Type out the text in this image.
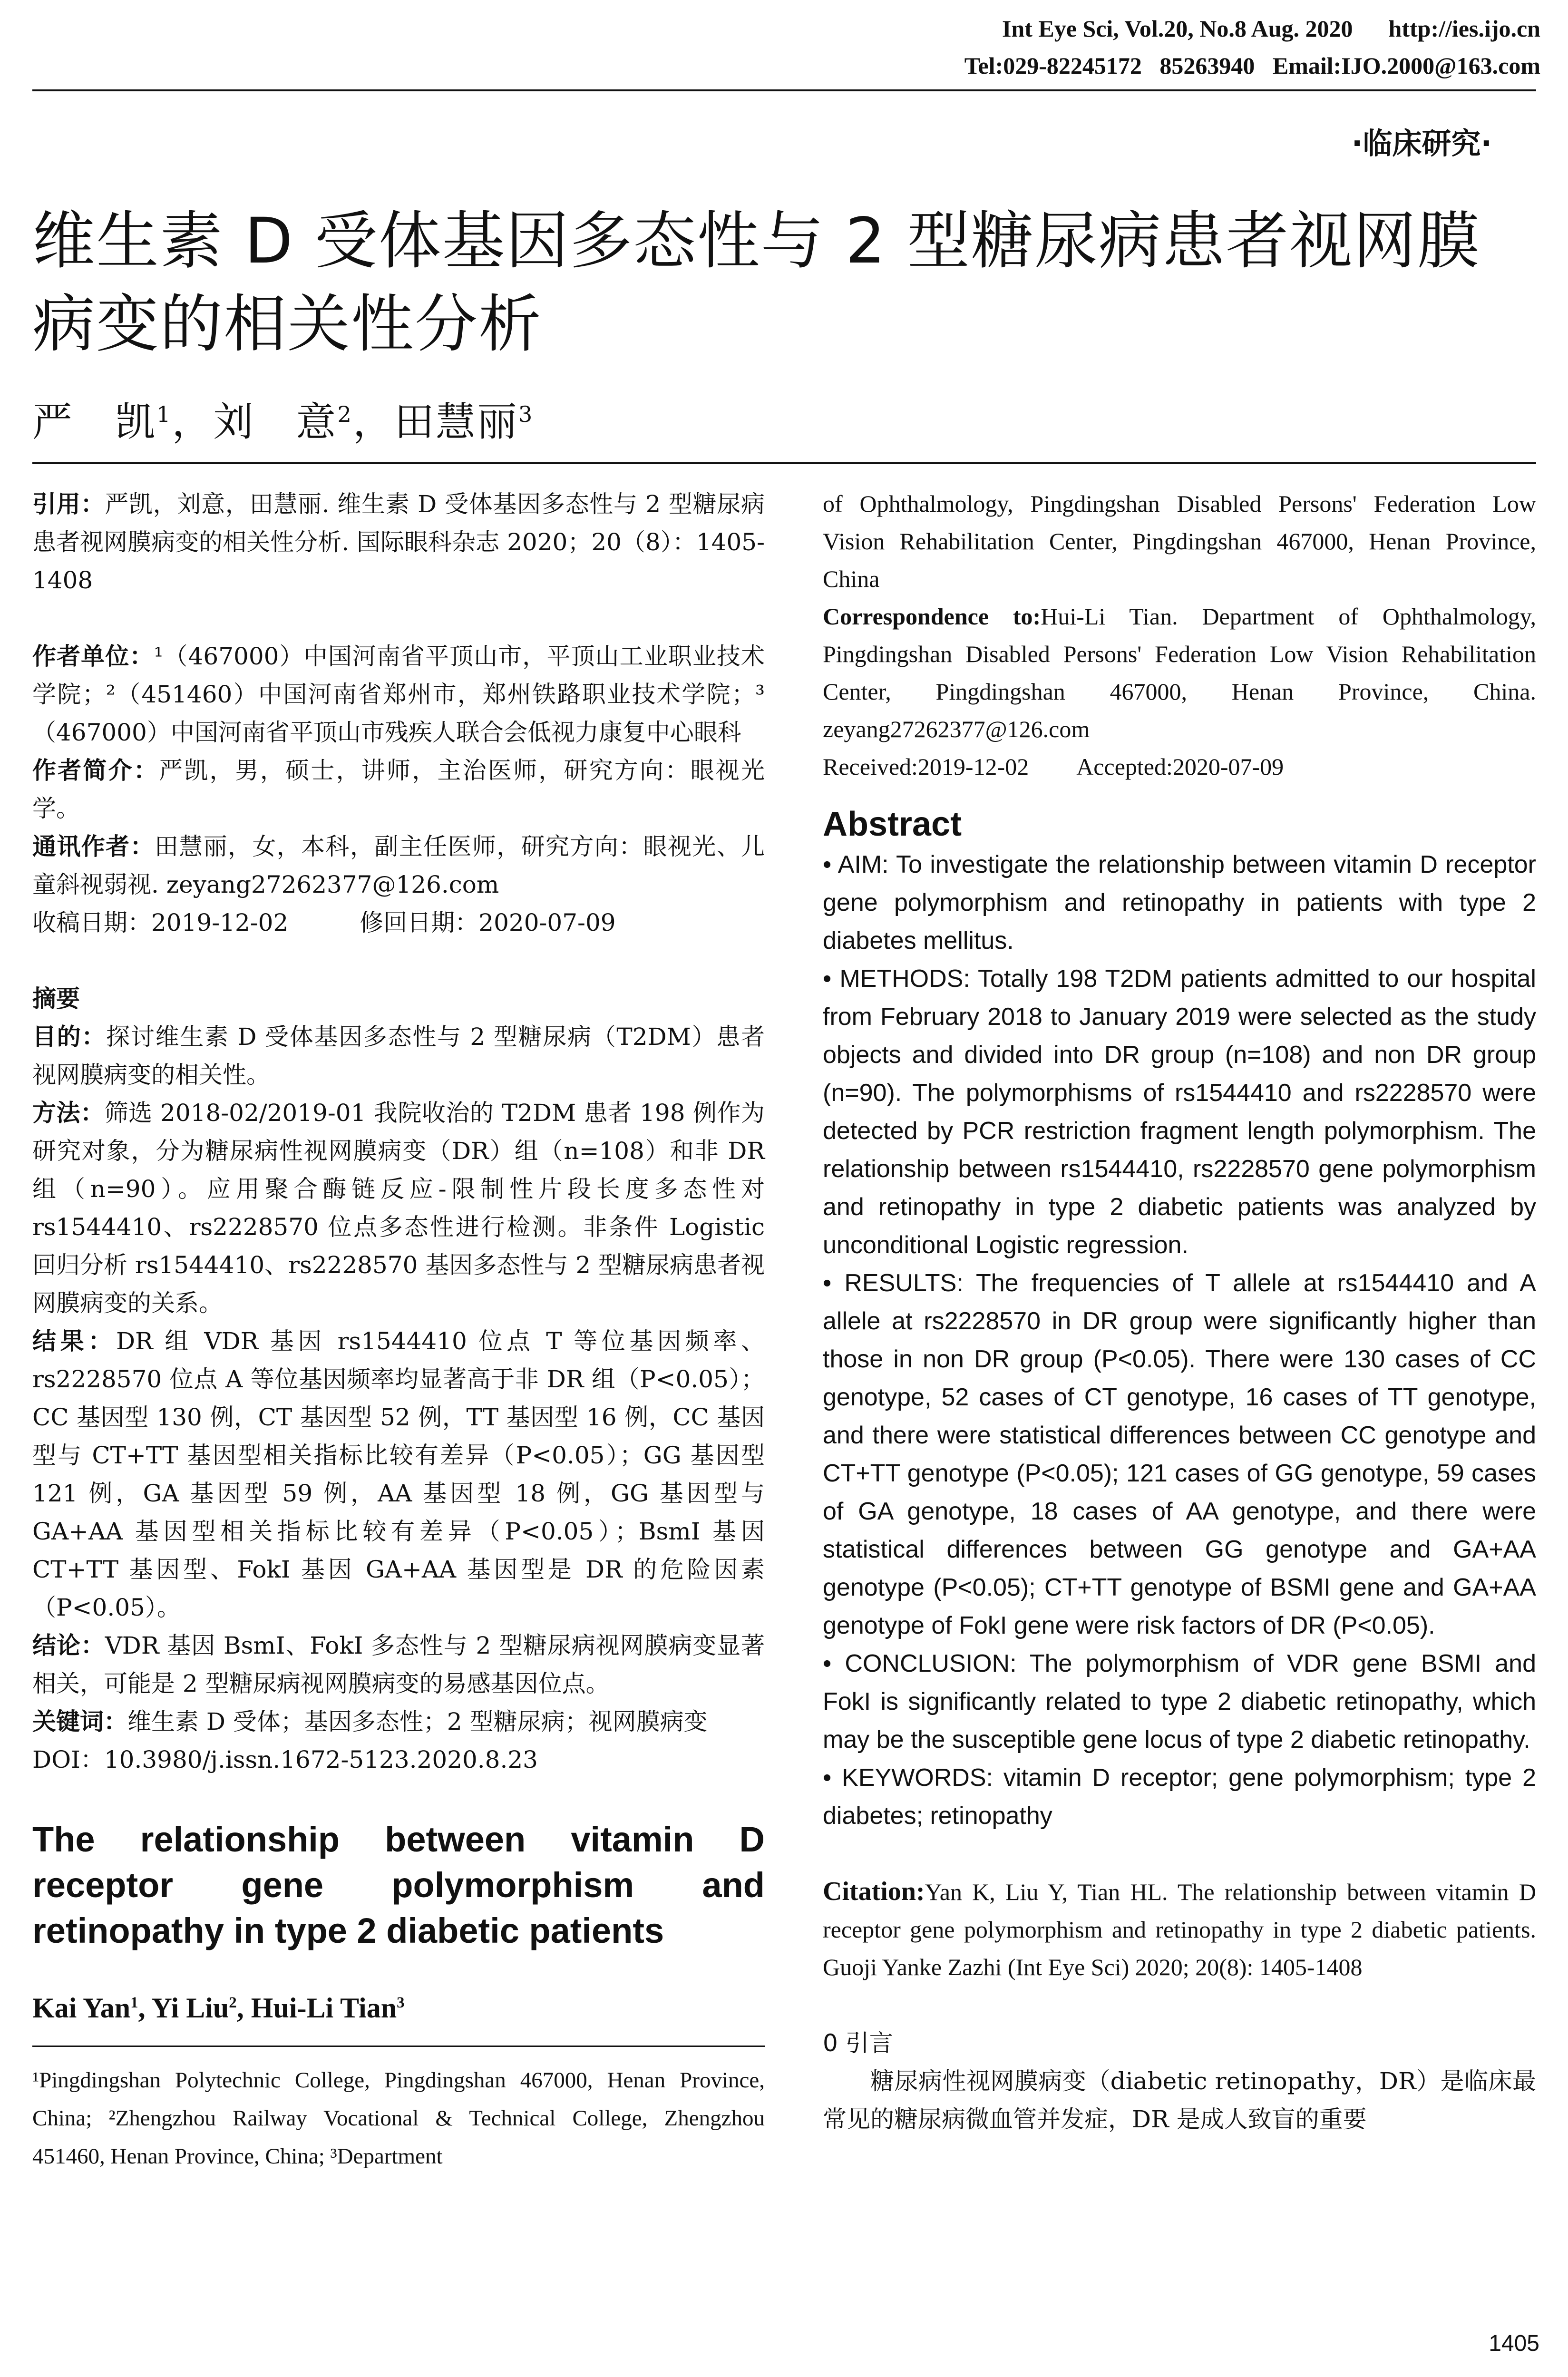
Int Eye Sci, Vol.20, No.8 Aug. 2020      http://ies.ijo.cn
Tel:029-82245172   85263940   Email:IJO.2000@163.com
·临床研究·
维生素 D 受体基因多态性与 2 型糖尿病患者视网膜病变的相关性分析
严　凯$^1$，刘　意$^2$，田慧丽$^3$

引用：严凯，刘意，田慧丽. 维生素 D 受体基因多态性与 2 型糖尿病患者视网膜病变的相关性分析. 国际眼科杂志 2020；20（8）：1405-1408

作者单位：¹（467000）中国河南省平顶山市，平顶山工业职业技术学院；²（451460）中国河南省郑州市，郑州铁路职业技术学院；³（467000）中国河南省平顶山市残疾人联合会低视力康复中心眼科

作者简介：严凯，男，硕士，讲师，主治医师，研究方向：眼视光学。

通讯作者：田慧丽，女，本科，副主任医师，研究方向：眼视光、儿童斜视弱视. zeyang27262377@126.com

收稿日期：2019-12-02　　　修回日期：2020-07-09

摘要

目的：探讨维生素 D 受体基因多态性与 2 型糖尿病（T2DM）患者视网膜病变的相关性。

方法：筛选 2018-02/2019-01 我院收治的 T2DM 患者 198 例作为研究对象，分为糖尿病性视网膜病变（DR）组（n=108）和非 DR 组（n=90）。应用聚合酶链反应-限制性片段长度多态性对 rs1544410、rs2228570 位点多态性进行检测。非条件 Logistic 回归分析 rs1544410、rs2228570 基因多态性与 2 型糖尿病患者视网膜病变的关系。

结果：DR 组 VDR 基因 rs1544410 位点 T 等位基因频率、rs2228570 位点 A 等位基因频率均显著高于非 DR 组（P<0.05）；CC 基因型 130 例，CT 基因型 52 例，TT 基因型 16 例，CC 基因型与 CT+TT 基因型相关指标比较有差异（P<0.05）；GG 基因型 121 例，GA 基因型 59 例，AA 基因型 18 例，GG 基因型与 GA+AA 基因型相关指标比较有差异（P<0.05）；BsmI 基因 CT+TT 基因型、FokI 基因 GA+AA 基因型是 DR 的危险因素（P<0.05）。

结论：VDR 基因 BsmI、FokI 多态性与 2 型糖尿病视网膜病变显著相关，可能是 2 型糖尿病视网膜病变的易感基因位点。

关键词：维生素 D 受体；基因多态性；2 型糖尿病；视网膜病变

DOI：10.3980/j.issn.1672-5123.2020.8.23

The relationship between vitamin D receptor gene polymorphism and retinopathy in type 2 diabetic patients

Kai Yan$^1$, Yi Liu$^2$, Hui-Li Tian$^3$

¹Pingdingshan Polytechnic College, Pingdingshan 467000, Henan Province, China; ²Zhengzhou Railway Vocational & Technical College, Zhengzhou 451460, Henan Province, China; ³Department

of Ophthalmology, Pingdingshan Disabled Persons' Federation Low Vision Rehabilitation Center, Pingdingshan 467000, Henan Province, China

Correspondence to:Hui-Li Tian. Department of Ophthalmology, Pingdingshan Disabled Persons' Federation Low Vision Rehabilitation Center, Pingdingshan 467000, Henan Province, China. zeyang27262377@126.com

Received:2019-12-02　　Accepted:2020-07-09

Abstract

• AIM: To investigate the relationship between vitamin D receptor gene polymorphism and retinopathy in patients with type 2 diabetes mellitus.

• METHODS: Totally 198 T2DM patients admitted to our hospital from February 2018 to January 2019 were selected as the study objects and divided into DR group (n=108) and non DR group (n=90). The polymorphisms of rs1544410 and rs2228570 were detected by PCR restriction fragment length polymorphism. The relationship between rs1544410, rs2228570 gene polymorphism and retinopathy in type 2 diabetic patients was analyzed by unconditional Logistic regression.

• RESULTS: The frequencies of T allele at rs1544410 and A allele at rs2228570 in DR group were significantly higher than those in non DR group (P<0.05). There were 130 cases of CC genotype, 52 cases of CT genotype, 16 cases of TT genotype, and there were statistical differences between CC genotype and CT+TT genotype (P<0.05); 121 cases of GG genotype, 59 cases of GA genotype, 18 cases of AA genotype, and there were statistical differences between GG genotype and GA+AA genotype (P<0.05); CT+TT genotype of BSMI gene and GA+AA genotype of FokI gene were risk factors of DR (P<0.05).

• CONCLUSION: The polymorphism of VDR gene BSMI and FokI is significantly related to type 2 diabetic retinopathy, which may be the susceptible gene locus of type 2 diabetic retinopathy.

• KEYWORDS: vitamin D receptor; gene polymorphism; type 2 diabetes; retinopathy

Citation:Yan K, Liu Y, Tian HL. The relationship between vitamin D receptor gene polymorphism and retinopathy in type 2 diabetic patients. Guoji Yanke Zazhi (Int Eye Sci) 2020; 20(8): 1405-1408

0 引言

糖尿病性视网膜病变（diabetic retinopathy，DR）是临床最常见的糖尿病微血管并发症，DR 是成人致盲的重要

1405
